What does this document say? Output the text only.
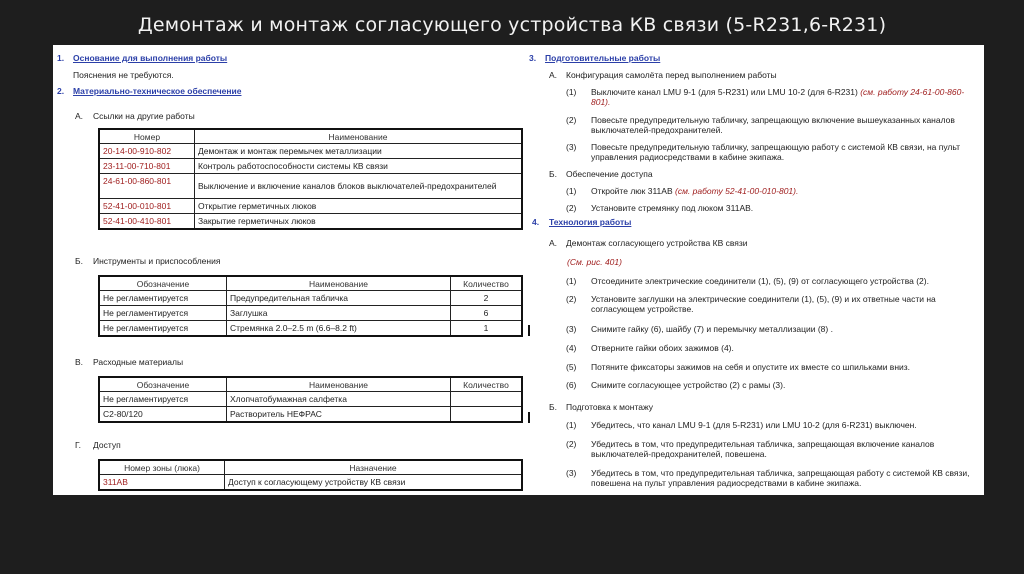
Демонтаж и монтаж согласующего устройства КВ связи (5-R231,6-R231)
1. Основание для выполнения работы
Пояснения не требуются.
2. Материально-техническое обеспечение
А. Ссылки на другие работы
Номер	Наименование
20-14-00-910-802	Демонтаж и монтаж перемычек металлизации
23-11-00-710-801	Контроль работоспособности системы КВ связи
24-61-00-860-801	Выключение и включение каналов блоков выключателей-предохранителей
52-41-00-010-801	Открытие герметичных люков
52-41-00-410-801	Закрытие герметичных люков
Б. Инструменты и приспособления
Обозначение	Наименование	Количество
Не регламентируется	Предупредительная табличка	2
Не регламентируется	Заглушка	6
Не регламентируется	Стремянка 2.0–2.5 m (6.6–8.2 ft)	1
В. Расходные материалы
Обозначение	Наименование	Количество
Не регламентируется	Хлопчатобумажная салфетка	
С2-80/120	Растворитель НЕФРАС	
Г. Доступ
Номер зоны (люка)	Назначение
311АВ	Доступ к согласующему устройству КВ связи
3. Подготовительные работы
А. Конфигурация самолёта перед выполнением работы
(1) Выключите канал LMU 9-1 (для 5-R231) или LMU 10-2 (для 6-R231) (см. работу 24-61-00-860-801).
(2) Повесьте предупредительную табличку, запрещающую включение вышеуказанных каналов выключателей-предохранителей.
(3) Повесьте предупредительную табличку, запрещающую работу с системой КВ связи, на пульт управления радиосредствами в кабине экипажа.
Б. Обеспечение доступа
(1) Откройте люк 311АВ (см. работу 52-41-00-010-801).
(2) Установите стремянку под люком 311АВ.
4. Технология работы
А. Демонтаж согласующего устройства КВ связи
(См. рис. 401)
(1) Отсоедините электрические соединители (1), (5), (9) от согласующего устройства (2).
(2) Установите заглушки на электрические соединители (1), (5), (9) и их ответные части на согласующем устройстве.
(3) Снимите гайку (6), шайбу (7) и перемычку металлизации (8) .
(4) Отверните гайки обоих зажимов (4).
(5) Потяните фиксаторы зажимов на себя и опустите их вместе со шпильками вниз.
(6) Снимите согласующее устройство (2) с рамы (3).
Б. Подготовка к монтажу
(1) Убедитесь, что канал LMU 9-1 (для 5-R231) или LMU 10-2 (для 6-R231) выключен.
(2) Убедитесь в том, что предупредительная табличка, запрещающая включение каналов выключателей-предохранителей, повешена.
(3) Убедитесь в том, что предупредительная табличка, запрещающая работу с системой КВ связи, повешена на пульт управления радиосредствами в кабине экипажа.
